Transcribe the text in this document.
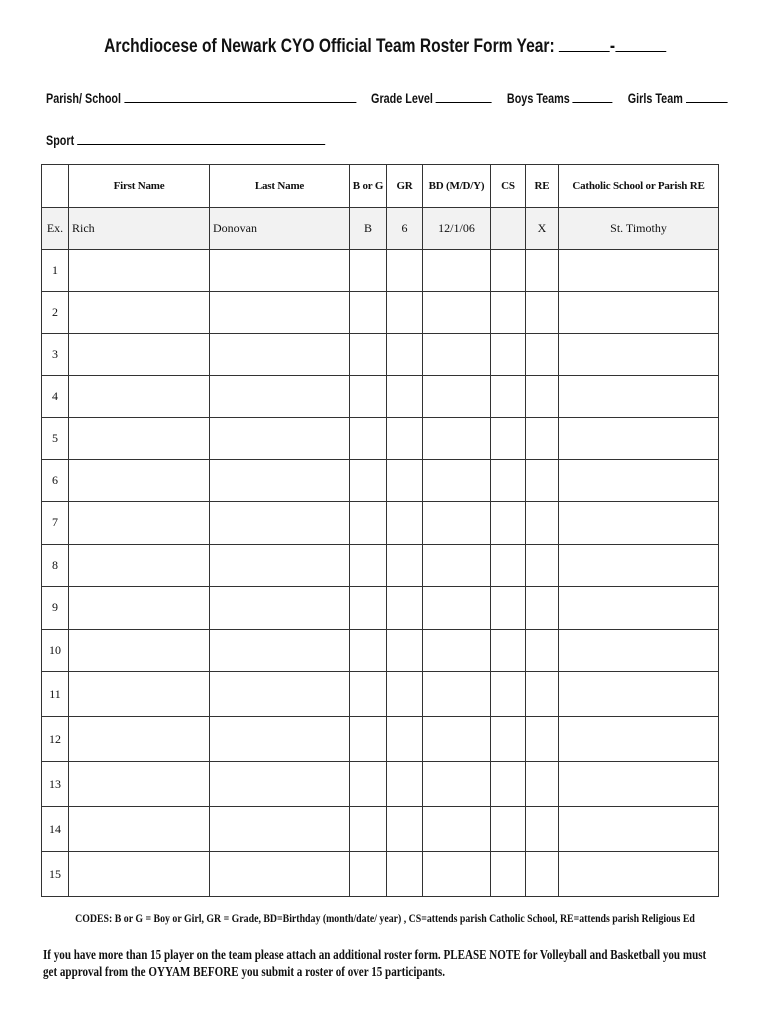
Archdiocese of Newark CYO Official Team Roster Form Year:	-
Parish/ School	Grade Level	Boys Teams	Girls Team
Sport
	First Name	Last Name	B or G	GR	BD (M/D/Y)	CS	RE	Catholic School or Parish RE
Ex.	Rich	Donovan	B	6	12/1/06		X	St. Timothy
1								
2								
3								
4								
5								
6								
7								
8								
9								
10								
11								
12								
13								
14								
15								
CODES: B or G = Boy or Girl, GR = Grade, BD=Birthday (month/date/ year) , CS=attends parish Catholic School, RE=attends parish Religious Ed
If you have more than 15 player on the team please attach an additional roster form. PLEASE NOTE for Volleyball and Basketball you must get approval from the OYYAM BEFORE you submit a roster of over 15 participants.
